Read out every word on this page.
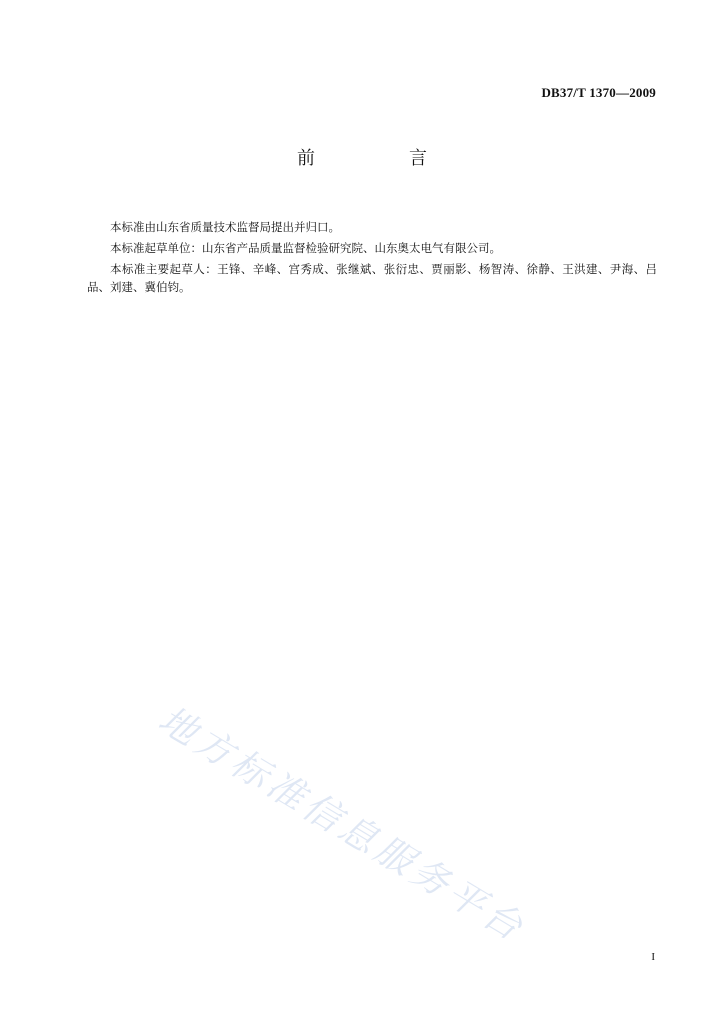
DB37/T 1370—2009
前　言

本标准由山东省质量技术监督局提出并归口。

本标准起草单位：山东省产品质量监督检验研究院、山东奥太电气有限公司。

本标准主要起草人：王锋、辛峰、宫秀成、张继斌、张衍忠、贾丽影、杨智涛、徐静、王洪建、尹海、吕品、刘建、冀伯钧。

地方标准信息服务平台
I
